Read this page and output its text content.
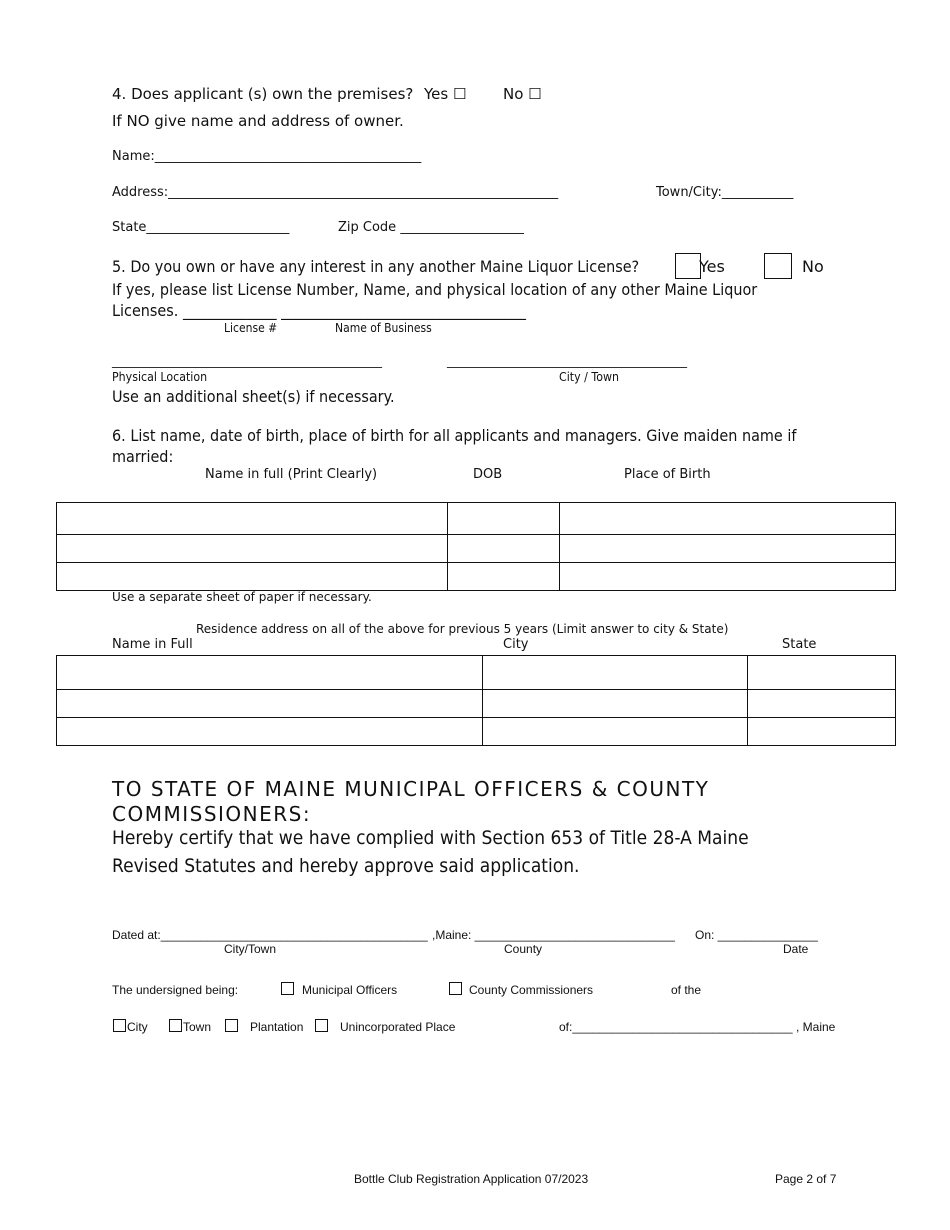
4. Does applicant (s) own the premises? Yes ☐ No ☐
If NO give name and address of owner.
Name:_________________________________________
Address:____________________________________________________________	Town/City:___________
State______________________	Zip Code ___________________
5. Do you own or have any interest in any another Maine Liquor License?	Yes	No
If yes, please list License Number, Name, and physical location of any other Maine Liquor
Licenses. _____________ __________________________________
License #	Name of Business
_____________________________________________	________________________________________
Physical Location	City / Town
Use an additional sheet(s) if necessary.
6. List name, date of birth, place of birth for all applicants and managers. Give maiden name if
married:
Name in full (Print Clearly)	DOB	Place of Birth

Use a separate sheet of paper if necessary.
Residence address on all of the above for previous 5 years (Limit answer to city & State)
Name in Full	City	State

TO STATE OF MAINE MUNICIPAL OFFICERS & COUNTY
COMMISSIONERS:
Hereby certify that we have complied with Section 653 of Title 28-A Maine
Revised Statutes and hereby approve said application.
Dated at:________________________________________ ,Maine: ______________________________ On: _______________
City/Town	County	Date
The undersigned being:	Municipal Officers	County Commissioners	of the
City	Town	Plantation	Unincorporated Place	of:_________________________________ , Maine
Bottle Club Registration Application 07/2023	Page 2 of 7
